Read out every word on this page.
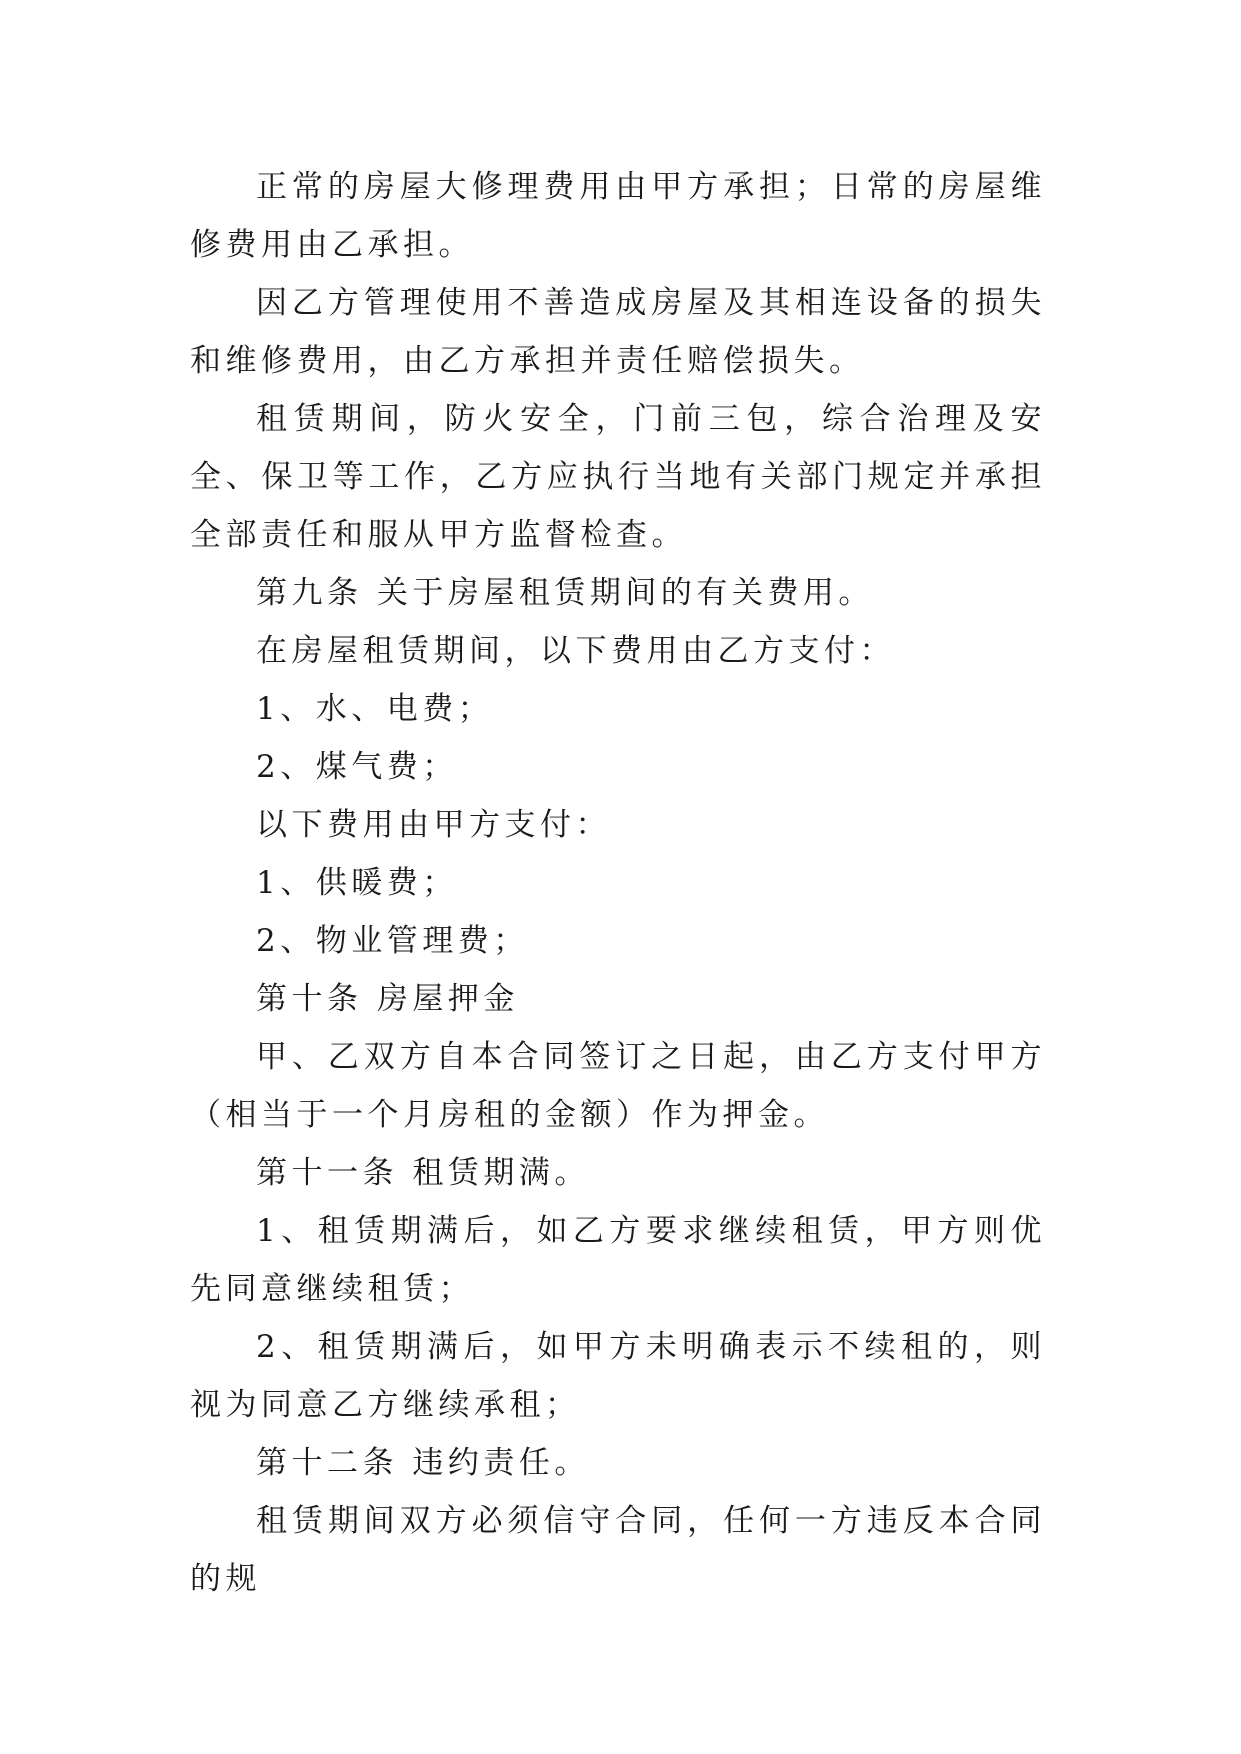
正常的房屋大修理费用由甲方承担；日常的房屋维修费用由乙承担。

因乙方管理使用不善造成房屋及其相连设备的损失和维修费用，由乙方承担并责任赔偿损失。

租赁期间，防火安全，门前三包，综合治理及安全、保卫等工作，乙方应执行当地有关部门规定并承担全部责任和服从甲方监督检查。

第九条 关于房屋租赁期间的有关费用。

在房屋租赁期间，以下费用由乙方支付：

1、水、电费；

2、煤气费；

以下费用由甲方支付：

1、供暖费；

2、物业管理费；

第十条 房屋押金

甲、乙双方自本合同签订之日起，由乙方支付甲方（相当于一个月房租的金额）作为押金。

第十一条 租赁期满。

1、租赁期满后，如乙方要求继续租赁，甲方则优先同意继续租赁；

2、租赁期满后，如甲方未明确表示不续租的，则视为同意乙方继续承租；

第十二条 违约责任。

租赁期间双方必须信守合同，任何一方违反本合同的规
